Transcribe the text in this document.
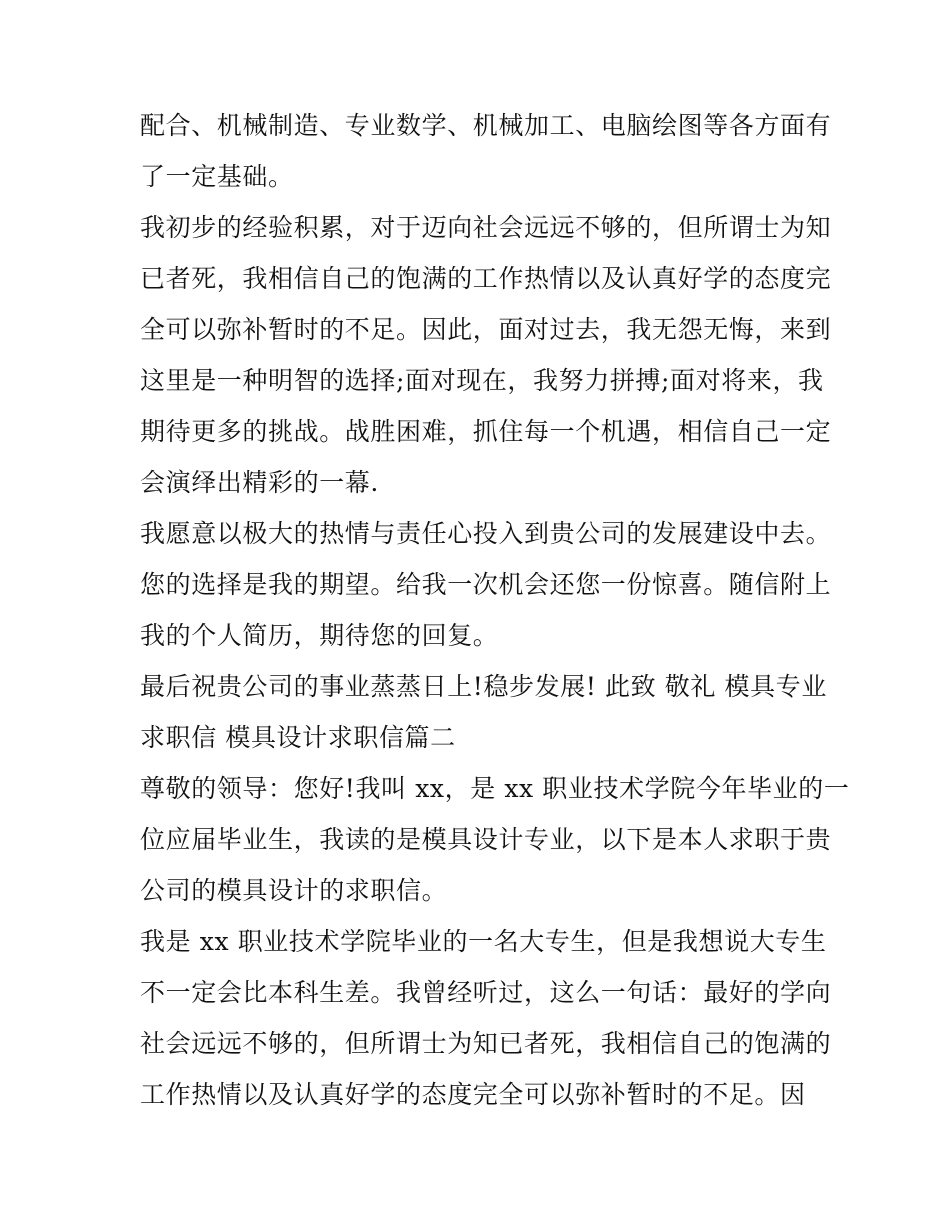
配合、机械制造、专业数学、机械加工、电脑绘图等各方面有
了一定基础。
我初步的经验积累，对于迈向社会远远不够的，但所谓士为知
已者死，我相信自己的饱满的工作热情以及认真好学的态度完
全可以弥补暂时的不足。因此，面对过去，我无怨无悔，来到
这里是一种明智的选择;面对现在，我努力拼搏;面对将来，我
期待更多的挑战。战胜困难，抓住每一个机遇，相信自己一定
会演绎出精彩的一幕.
我愿意以极大的热情与责任心投入到贵公司的发展建设中去。
您的选择是我的期望。给我一次机会还您一份惊喜。随信附上
我的个人简历，期待您的回复。
最后祝贵公司的事业蒸蒸日上!稳步发展! 此致 敬礼 模具专业
求职信 模具设计求职信篇二
尊敬的领导：您好!我叫 xx，是 xx 职业技术学院今年毕业的一
位应届毕业生，我读的是模具设计专业，以下是本人求职于贵
公司的模具设计的求职信。
我是 xx 职业技术学院毕业的一名大专生，但是我想说大专生
不一定会比本科生差。我曾经听过，这么一句话：最好的学向
社会远远不够的，但所谓士为知已者死，我相信自己的饱满的
工作热情以及认真好学的态度完全可以弥补暂时的不足。因
